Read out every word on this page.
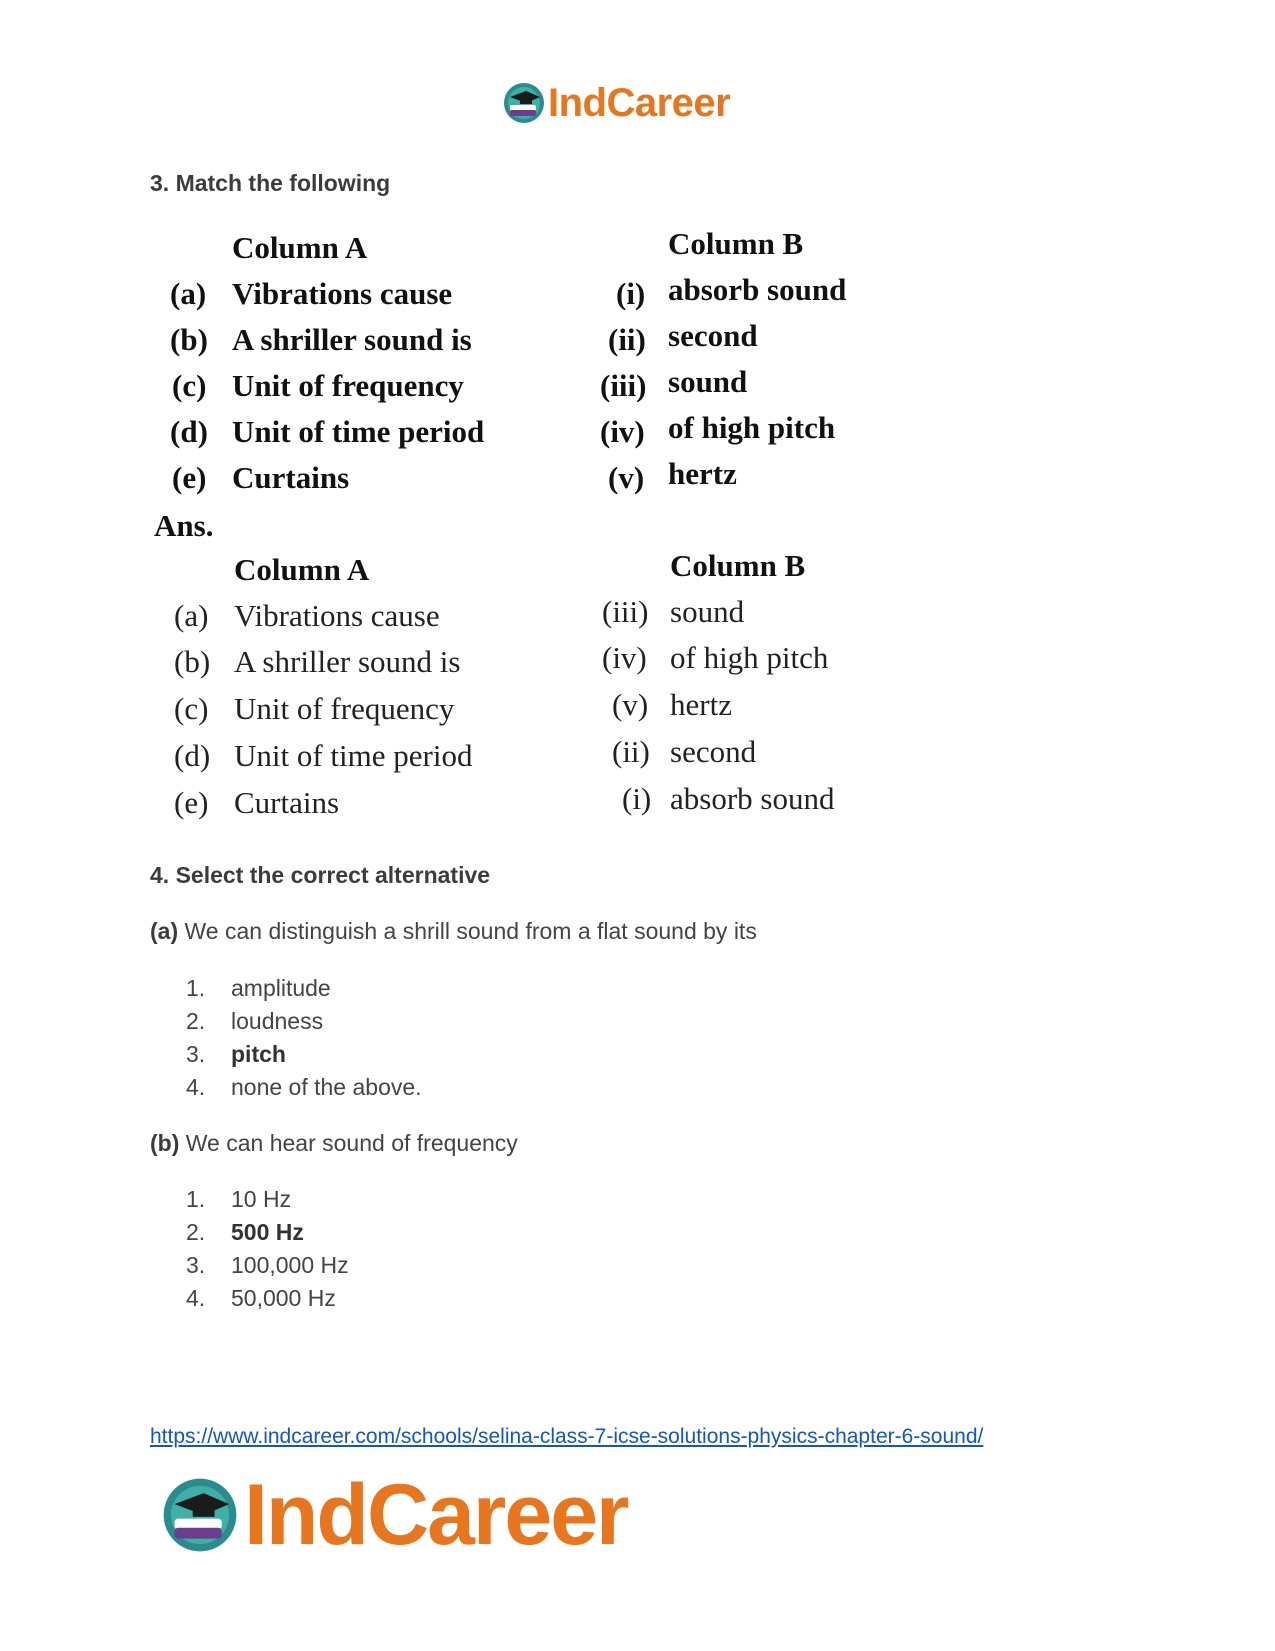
IndCareer
3. Match the following
Column A	Column B
(a) Vibrations cause	(i) absorb sound
(b) A shriller sound is	(ii) second
(c) Unit of frequency	(iii) sound
(d) Unit of time period	(iv) of high pitch
(e) Curtains	(v) hertz
Ans.
Column A	Column B
(a) Vibrations cause	(iii) sound
(b) A shriller sound is	(iv) of high pitch
(c) Unit of frequency	(v) hertz
(d) Unit of time period	(ii) second
(e) Curtains	(i) absorb sound
4. Select the correct alternative
(a) We can distinguish a shrill sound from a flat sound by its
1. amplitude
2. loudness
3. pitch
4. none of the above.
(b) We can hear sound of frequency
1. 10 Hz
2. 500 Hz
3. 100,000 Hz
4. 50,000 Hz
https://www.indcareer.com/schools/selina-class-7-icse-solutions-physics-chapter-6-sound/
IndCareer
